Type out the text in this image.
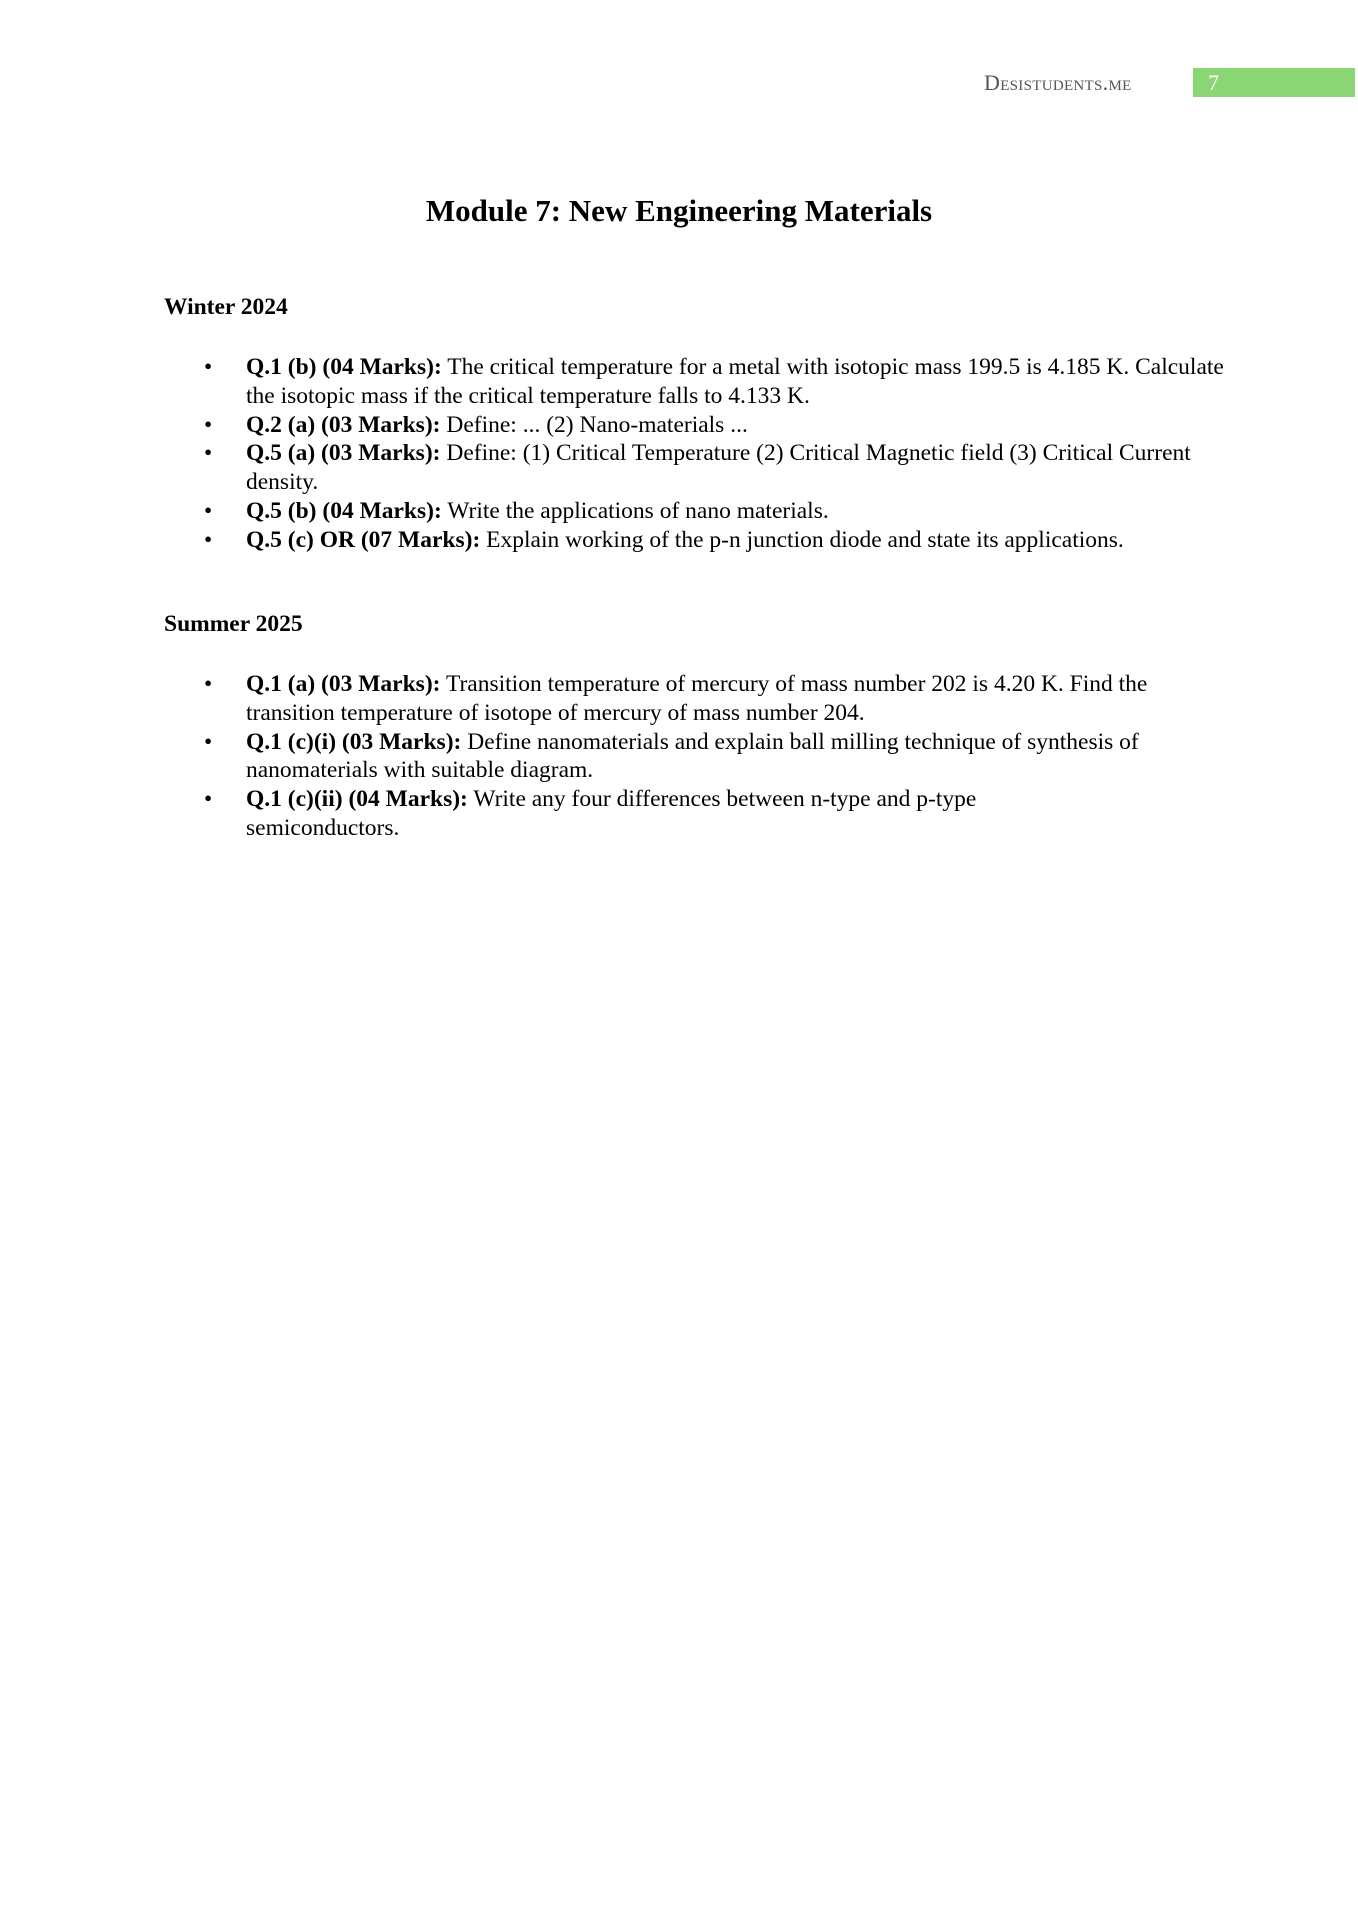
Desistudents.me	7
Module 7: New Engineering Materials
Winter 2024
• Q.1 (b) (04 Marks): The critical temperature for a metal with isotopic mass 199.5 is 4.185 K. Calculate the isotopic mass if the critical temperature falls to 4.133 K.
• Q.2 (a) (03 Marks): Define: ... (2) Nano-materials ...
• Q.5 (a) (03 Marks): Define: (1) Critical Temperature (2) Critical Magnetic field (3) Critical Current density.
• Q.5 (b) (04 Marks): Write the applications of nano materials.
• Q.5 (c) OR (07 Marks): Explain working of the p-n junction diode and state its applications.
Summer 2025
• Q.1 (a) (03 Marks): Transition temperature of mercury of mass number 202 is 4.20 K. Find the transition temperature of isotope of mercury of mass number 204.
• Q.1 (c)(i) (03 Marks): Define nanomaterials and explain ball milling technique of synthesis of nanomaterials with suitable diagram.
• Q.1 (c)(ii) (04 Marks): Write any four differences between n-type and p-type semiconductors.
